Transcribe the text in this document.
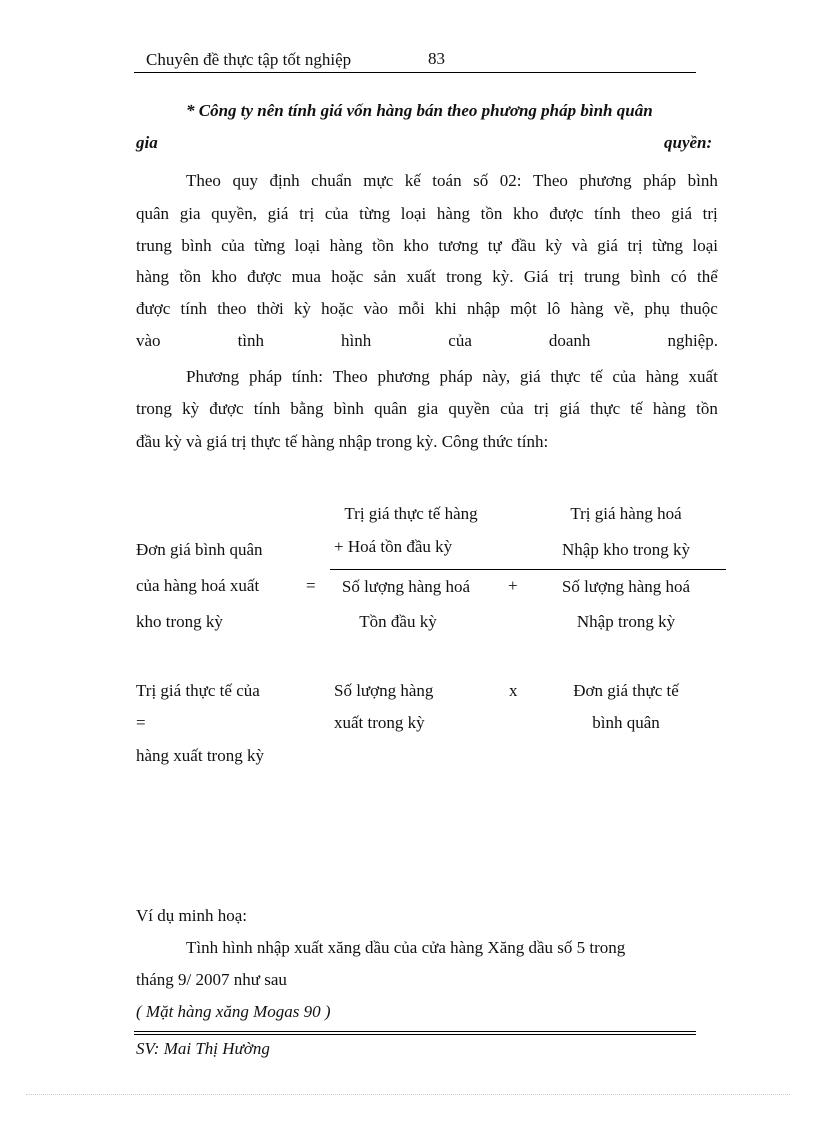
Chuyên đề thực tập tốt nghiệp	83
* Công ty nên tính giá vốn hàng bán theo phương pháp bình quân
gia	quyền:
Theo quy định chuẩn mực kế toán số 02: Theo phương pháp bình
quân gia quyền, giá trị của từng loại hàng tồn kho được tính theo giá trị
trung bình của từng loại hàng tồn kho tương tự đầu kỳ và giá trị từng loại
hàng tồn kho được mua hoặc sản xuất trong kỳ. Giá trị trung bình có thể
được tính theo thời kỳ hoặc vào mỗi khi nhập một lô hàng về, phụ thuộc
vào	tình	hình	của	doanh	nghiệp.
Phương pháp tính: Theo phương pháp này, giá thực tế của hàng xuất
trong kỳ được tính bằng bình quân gia quyền của trị giá thực tế hàng tồn
đầu kỳ và giá trị thực tế hàng nhập trong kỳ. Công thức tính:
Đơn giá bình quân
của hàng hoá xuất
kho trong kỳ
=
Trị giá thực tế hàng
+ Hoá tồn đầu kỳ
Trị giá hàng hoá
Nhập kho trong kỳ
Số lượng hàng hoá
Tồn đầu kỳ
+	Số lượng hàng hoá
Nhập trong kỳ
Trị giá thực tế của
=
hàng xuất trong kỳ
Số lượng hàng
xuất trong kỳ
x	Đơn giá thực tế
bình quân
Ví dụ minh hoạ:
Tình hình nhập xuất xăng dầu của cửa hàng Xăng dầu số 5 trong
tháng 9/ 2007 như sau
( Mặt hàng xăng Mogas 90 )
SV: Mai Thị Hường
